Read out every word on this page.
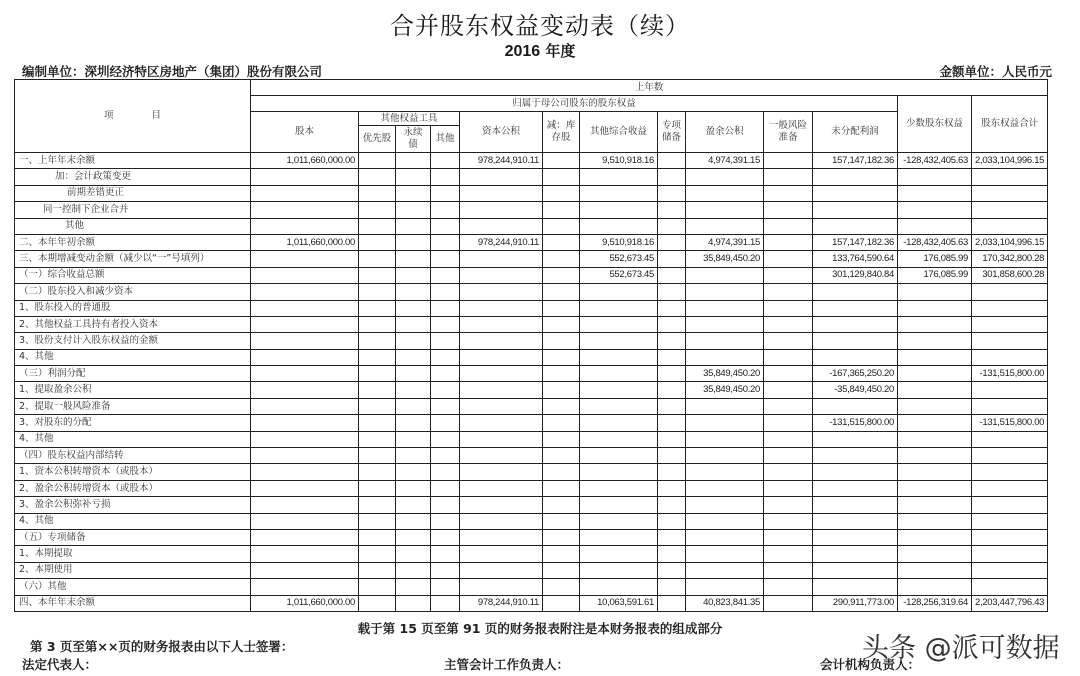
合并股东权益变动表（续）
2016 年度
编制单位：深圳经济特区房地产（集团）股份有限公司	金额单位：人民币元
项　　　　目	上年数												
	归属于母公司股东的股东权益											少数股东权益	股东权益合计
	股本	其他权益工具			资本公积	减：库存股	其他综合收益	专项储备	盈余公积	一般风险准备	未分配利润		
		优先股	永续债	其他									
一、上年年末余额	1,011,660,000.00				978,244,910.11		9,510,918.16		4,974,391.15		157,147,182.36	-128,432,405.63	2,033,104,996.15
加：会计政策变更													
前期差错更正													
同一控制下企业合并													
其他													
二、本年年初余额	1,011,660,000.00				978,244,910.11		9,510,918.16		4,974,391.15		157,147,182.36	-128,432,405.63	2,033,104,996.15
三、本期增减变动金额（减少以“一”号填列）							552,673.45		35,849,450.20		133,764,590.64	176,085.99	170,342,800.28
（一）综合收益总额							552,673.45				301,129,840.84	176,085.99	301,858,600.28
（二）股东投入和减少资本													
1、股东投入的普通股													
2、其他权益工具持有者投入资本													
3、股份支付计入股东权益的金额													
4、其他													
（三）利润分配									35,849,450.20		-167,365,250.20		-131,515,800.00
1、提取盈余公积									35,849,450.20		-35,849,450.20		
2、提取一般风险准备													
3、对股东的分配											-131,515,800.00		-131,515,800.00
4、其他													
（四）股东权益内部结转													
1、资本公积转增资本（或股本）													
2、盈余公积转增资本（或股本）													
3、盈余公积弥补亏损													
4、其他													
（五）专项储备													
1、本期提取													
2、本期使用													
（六）其他													
四、本年年末余额	1,011,660,000.00				978,244,910.11		10,063,591.61		40,823,841.35		290,911,773.00	-128,256,319.64	2,203,447,796.43
载于第 15 页至第 91 页的财务报表附注是本财务报表的组成部分
第 3 页至第××页的财务报表由以下人士签署：
法定代表人：	主管会计工作负责人：	会计机构负责人：
头条 @派可数据
